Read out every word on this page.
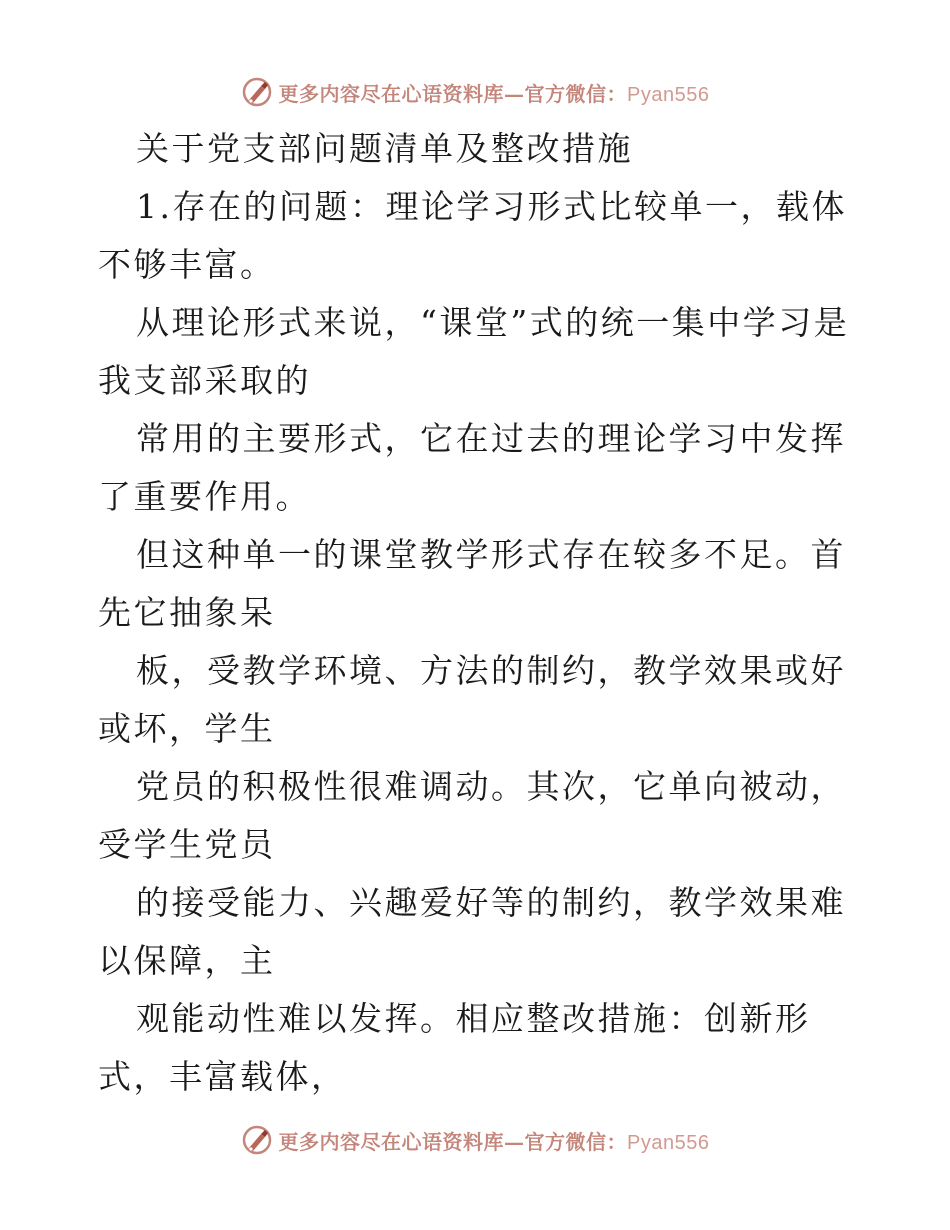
更多内容尽在心语资料库—官方微信：Pyan556

关于党支部问题清单及整改措施

1.存在的问题：理论学习形式比较单一，载体不够丰富。

从理论形式来说，“课堂”式的统一集中学习是我支部采取的

常用的主要形式，它在过去的理论学习中发挥了重要作用。

但这种单一的课堂教学形式存在较多不足。首先它抽象呆

板，受教学环境、方法的制约，教学效果或好或坏，学生

党员的积极性很难调动。其次，它单向被动，受学生党员

的接受能力、兴趣爱好等的制约，教学效果难以保障，主

观能动性难以发挥。相应整改措施：创新形式，丰富载体，

更多内容尽在心语资料库—官方微信：Pyan556
